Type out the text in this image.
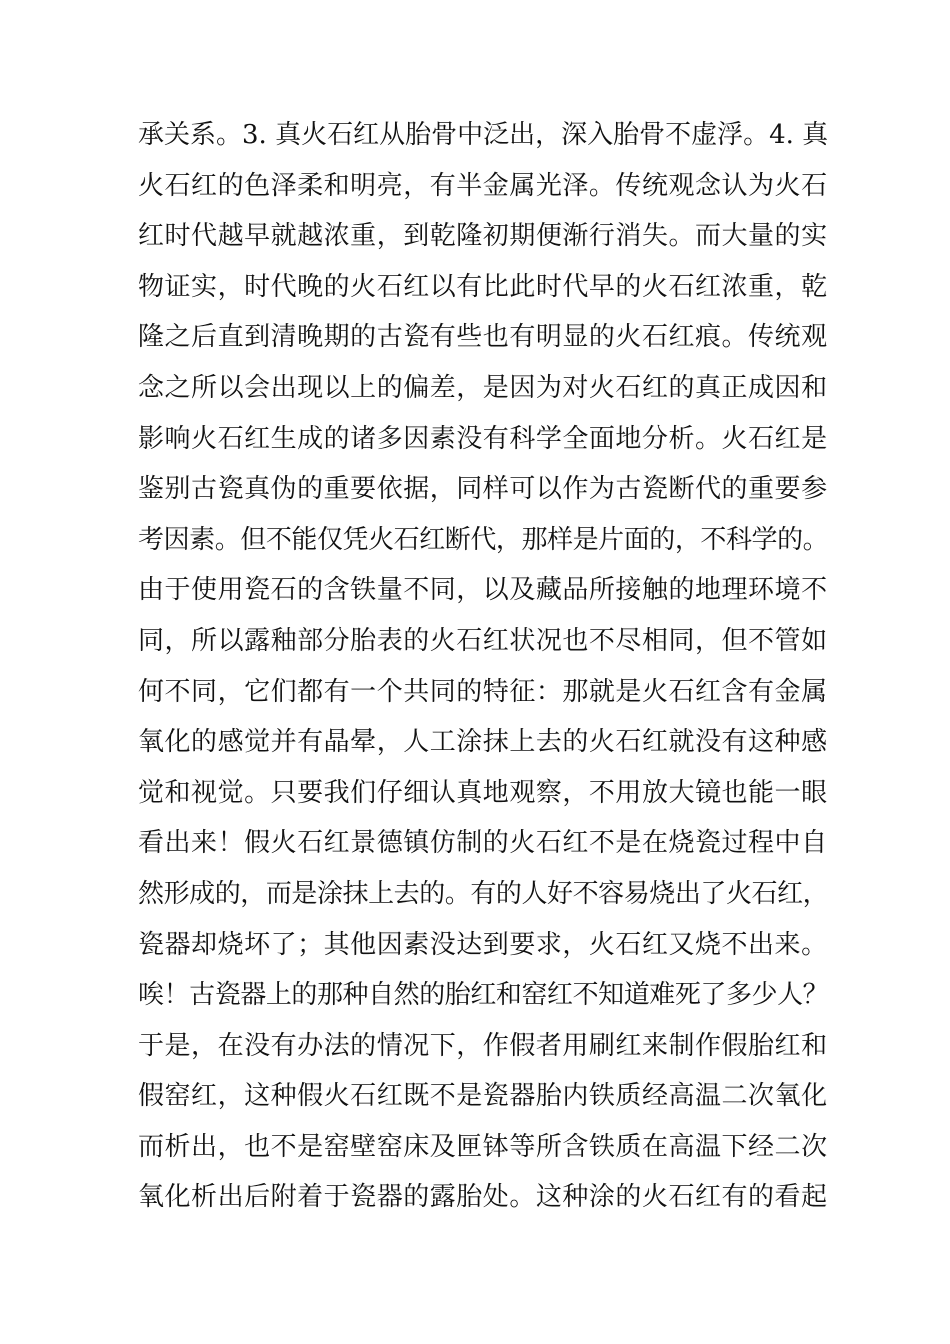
承关系。3. 真火石红从胎骨中泛出，深入胎骨不虚浮。4. 真
火石红的色泽柔和明亮，有半金属光泽。传统观念认为火石
红时代越早就越浓重，到乾隆初期便渐行消失。而大量的实
物证实，时代晚的火石红以有比此时代早的火石红浓重，乾
隆之后直到清晚期的古瓷有些也有明显的火石红痕。传统观
念之所以会出现以上的偏差，是因为对火石红的真正成因和
影响火石红生成的诸多因素没有科学全面地分析。火石红是
鉴别古瓷真伪的重要依据，同样可以作为古瓷断代的重要参
考因素。但不能仅凭火石红断代，那样是片面的，不科学的。
由于使用瓷石的含铁量不同，以及藏品所接触的地理环境不
同，所以露釉部分胎表的火石红状况也不尽相同，但不管如
何不同，它们都有一个共同的特征：那就是火石红含有金属
氧化的感觉并有晶晕，人工涂抹上去的火石红就没有这种感
觉和视觉。只要我们仔细认真地观察，不用放大镜也能一眼
看出来！假火石红景德镇仿制的火石红不是在烧瓷过程中自
然形成的，而是涂抹上去的。有的人好不容易烧出了火石红，
瓷器却烧坏了；其他因素没达到要求，火石红又烧不出来。
唉！古瓷器上的那种自然的胎红和窑红不知道难死了多少人？
于是，在没有办法的情况下，作假者用刷红来制作假胎红和
假窑红，这种假火石红既不是瓷器胎内铁质经高温二次氧化
而析出，也不是窑壁窑床及匣钵等所含铁质在高温下经二次
氧化析出后附着于瓷器的露胎处。这种涂的火石红有的看起
